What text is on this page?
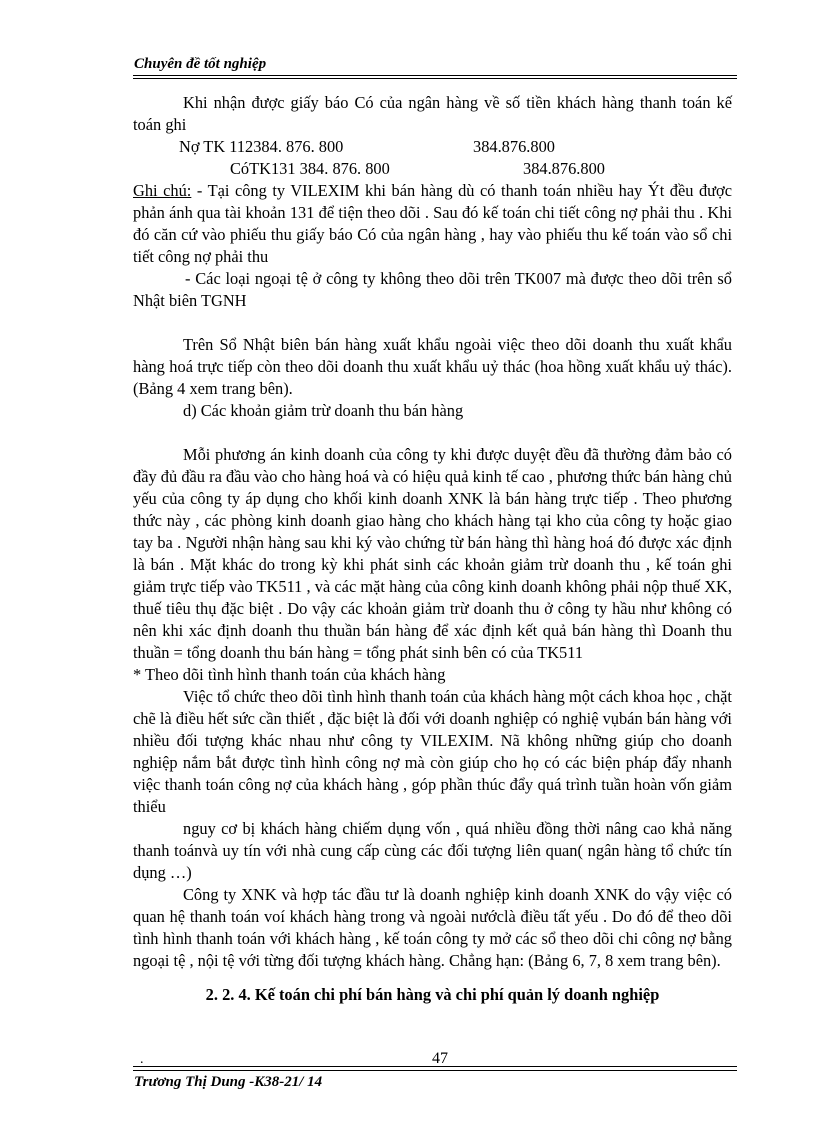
Chuyên đề tốt nghiệp

Khi nhận được giấy báo Có của ngân hàng về số tiền khách hàng thanh toán kế toán ghi

Nợ TK 112384. 876. 800	384.876.800
CóTK131 384. 876. 800	384.876.800

Ghi chú: - Tại công ty VILEXIM khi bán hàng dù có thanh toán nhiều hay Ýt đều được phản ánh qua tài khoản 131 để tiện theo dõi . Sau đó kế toán chi tiết công nợ phải thu . Khi đó căn cứ vào phiếu thu giấy báo Có của ngân hàng , hay vào phiếu thu kế toán vào sổ chi tiết công nợ phải thu

- Các loại ngoại tệ ở công ty không theo dõi trên TK007 mà được theo dõi trên sổ Nhật biên TGNH

Trên Sổ Nhật biên bán hàng xuất khẩu ngoài việc theo dõi doanh thu xuất khẩu hàng hoá trực tiếp còn theo dõi doanh thu xuất khẩu uỷ thác (hoa hồng xuất khẩu uỷ thác). (Bảng 4 xem trang bên).

d) Các khoản giảm trừ doanh thu bán hàng

Mỗi phương án kinh doanh của công ty khi được duyệt đều đã thường đảm bảo có đầy đủ đầu ra đầu vào cho hàng hoá và có hiệu quả kinh tế cao , phương thức bán hàng chủ yếu của công ty áp dụng cho khối kinh doanh XNK là bán hàng trực tiếp . Theo phương thức này , các phòng kinh doanh giao hàng cho khách hàng tại kho của công ty hoặc giao tay ba . Người nhận hàng sau khi ký vào chứng từ bán hàng thì hàng hoá đó được xác định là bán . Mặt khác do trong kỳ khi phát sinh các khoản giảm trừ doanh thu , kế toán ghi giảm trực tiếp vào TK511 , và các mặt hàng của công kinh doanh không phải nộp thuế XK, thuế tiêu thụ đặc biệt . Do vậy các khoản giảm trừ doanh thu ở công ty hầu như không có nên khi xác định doanh thu thuần bán hàng để xác định kết quả bán hàng thì Doanh thu thuần = tổng doanh thu bán hàng = tổng phát sinh bên có của TK511

* Theo dõi tình hình thanh toán của khách hàng

Việc tổ chức theo dõi tình hình thanh toán của khách hàng một cách khoa học , chặt chẽ là điều hết sức cần thiết , đặc biệt là đối với doanh nghiệp có nghiệ vụbán bán hàng với nhiều đối tượng khác nhau như công ty VILEXIM. Nã không những giúp cho doanh nghiệp nắm bắt được tình hình công nợ mà còn giúp cho họ có các biện pháp đẩy nhanh việc thanh toán công nợ của khách hàng , góp phần thúc đẩy quá trình tuần hoàn vốn giảm thiểu

nguy cơ bị khách hàng chiếm dụng vốn , quá nhiều đồng thời nâng cao khả năng thanh toánvà uy tín với nhà cung cấp cùng các đối tượng liên quan( ngân hàng tổ chức tín dụng …)

Công ty XNK và hợp tác đầu tư là doanh nghiệp kinh doanh XNK do vậy việc có quan hệ thanh toán voí khách hàng trong và ngoài nướclà điều tất yếu . Do đó để theo dõi tình hình thanh toán với khách hàng , kế toán công ty mở các sổ theo dõi chi công nợ bằng ngoại tệ , nội tệ với từng đối tượng khách hàng. Chẳng hạn: (Bảng 6, 7, 8 xem trang bên).

2. 2. 4. Kế toán chi phí bán hàng và chi phí quản lý doanh nghiệp

.	47
Trương Thị Dung -K38-21/ 14
